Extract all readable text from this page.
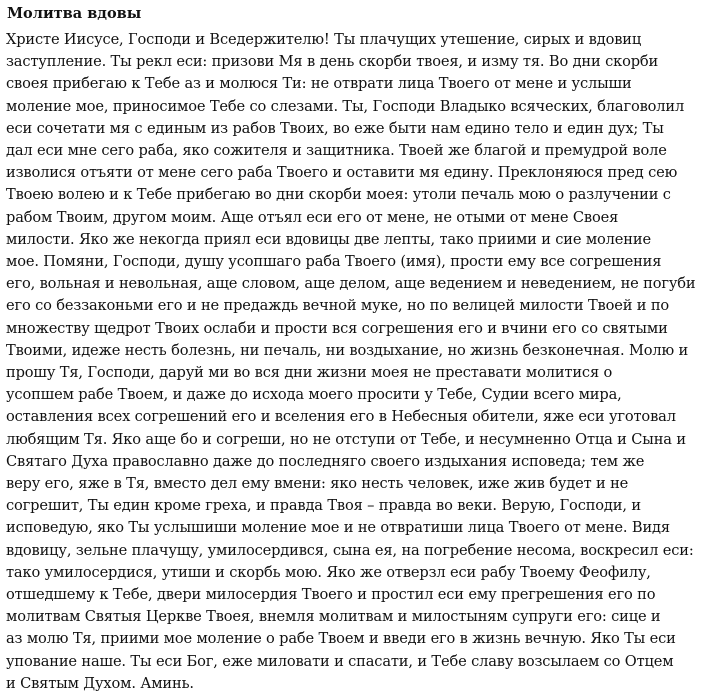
Молитва вдовы
Христе Иисусе, Господи и Вседержителю! Ты плачущих утешение, сирых и вдовиц
заступление. Ты рекл еси: призови Мя в день скорби твоея, и изму тя. Во дни скорби
своея прибегаю к Тебе аз и молюся Ти: не отврати лица Твоего от мене и услыши
моление мое, приносимое Тебе со слезами. Ты, Господи Владыко всяческих, благоволил
еси сочетати мя с единым из рабов Твоих, во еже быти нам едино тело и един дух; Ты
дал еси мне сего раба, яко сожителя и защитника. Твоей же благой и премудрой воле
изволися отъяти от мене сего раба Твоего и оставити мя едину. Преклоняюся пред сею
Твоею волею и к Тебе прибегаю во дни скорби моея: утоли печаль мою о разлучении с
рабом Твоим, другом моим. Аще отъял еси его от мене, не отыми от мене Своея
милости. Яко же некогда приял еси вдовицы две лепты, тако приими и сие моление
мое. Помяни, Господи, душу усопшаго раба Твоего (имя), прости ему все согрешения
его, вольная и невольная, аще словом, аще делом, аще ведением и неведением, не погуби
его со беззаконьми его и не предаждь вечной муке, но по велицей милости Твоей и по
множеству щедрот Твоих ослаби и прости вся согрешения его и вчини его со святыми
Твоими, идеже несть болезнь, ни печаль, ни воздыхание, но жизнь безконечная. Молю и
прошу Тя, Господи, даруй ми во вся дни жизни моея не преставати молитися о
усопшем рабе Твоем, и даже до исхода моего просити у Тебе, Судии всего мира,
оставления всех согрешений его и вселения его в Небесныя обители, яже еси уготовал
любящим Тя. Яко аще бо и согреши, но не отступи от Тебе, и несумненно Отца и Сына и
Святаго Духа православно даже до последняго своего издыхания исповеда; тем же
веру его, яже в Тя, вместо дел ему вмени: яко несть человек, иже жив будет и не
согрешит, Ты един кроме греха, и правда Твоя – правда во веки. Верую, Господи, и
исповедую, яко Ты услышиши моление мое и не отвратиши лица Твоего от мене. Видя
вдовицу, зельне плачущу, умилосердився, сына ея, на погребение несома, воскресил еси:
тако умилосердися, утиши и скорбь мою. Яко же отверзл еси рабу Твоему Феофилу,
отшедшему к Тебе, двери милосердия Твоего и простил еси ему прегрешения его по
молитвам Святыя Церкве Твоея, внемля молитвам и милостыням супруги его: сице и
аз молю Тя, приими мое моление о рабе Твоем и введи его в жизнь вечную. Яко Ты еси
упование наше. Ты еси Бог, еже миловати и спасати, и Тебе славу возсылаем со Отцем
и Святым Духом. Аминь.
